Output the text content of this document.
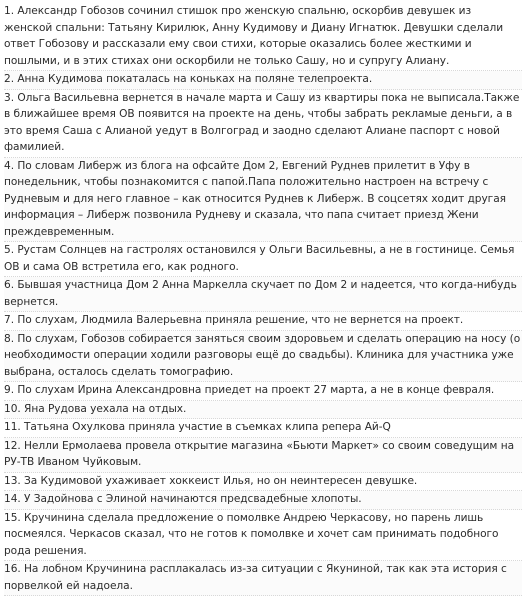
1. Александр Гобозов сочинил стишок про женскую спальню, оскорбив девушек из женской спальни: Татьяну Кирилюк, Анну Кудимову и Диану Игнатюк. Девушки сделали ответ Гобозову и рассказали ему свои стихи, которые оказались более жесткими и пошлыми, и в этих стихах они оскорбили не только Сашу, но и супругу Алиану.
2. Анна Кудимова покаталась на коньках на поляне телепроекта.
3. Ольга Васильевна вернется в начале марта и Сашу из квартиры пока не выписала.Также в ближайшее время ОВ появится на проекте на день, чтобы забрать рекламые деньги, а в это время Саша с Алианой уедут в Волгоград и заодно сделают Алиане паспорт с новой фамилией.
4. По словам Либерж из блога на офсайте Дом 2, Евгений Руднев прилетит в Уфу в понедельник, чтобы познакомится с папой.Папа положительно настроен на встречу с Рудневым и для него главное – как относится Руднев к Либерж. В соцсетях ходит другая информация – Либерж позвонила Рудневу и сказала, что папа считает приезд Жени преждевременным.
5. Рустам Солнцев на гастролях остановился у Ольги Васильевны, а не в гостинице. Семья ОВ и сама ОВ встретила его, как родного.
6. Бывшая участница Дом 2 Анна Маркелла скучает по Дом 2 и надеется, что когда-нибудь вернется.
7. По слухам, Людмила Валерьевна приняла решение, что не вернется на проект.
8. По слухам, Гобозов собирается заняться своим здоровьем и сделать операцию на носу (о необходимости операции ходили разговоры ещё до свадьбы). Клиника для участника уже выбрана, осталось сделать томографию.
9. По слухам Ирина Александровна приедет на проект 27 марта, а не в конце февраля.
10. Яна Рудова уехала на отдых.
11. Татьяна Охулкова приняла участие в съемках клипа репера Ай-Q
12. Нелли Ермолаева провела открытие магазина «Бьюти Маркет» со своим соведущим на РУ-ТВ Иваном Чуйковым.
13. За Кудимовой ухаживает хоккеист Илья, но он неинтересен девушке.
14. У Задойнова с Элиной начинаются предсвадебные хлопоты.
15. Кручинина сделала предложение о помолвке Андрею Черкасову, но парень лишь посмеялся. Черкасов сказал, что не готов к помолвке и хочет сам принимать подобного рода решения.
16. На лобном Кручинина расплакалась из-за ситуации с Якуниной, так как эта история с порвелкой ей надоела.
